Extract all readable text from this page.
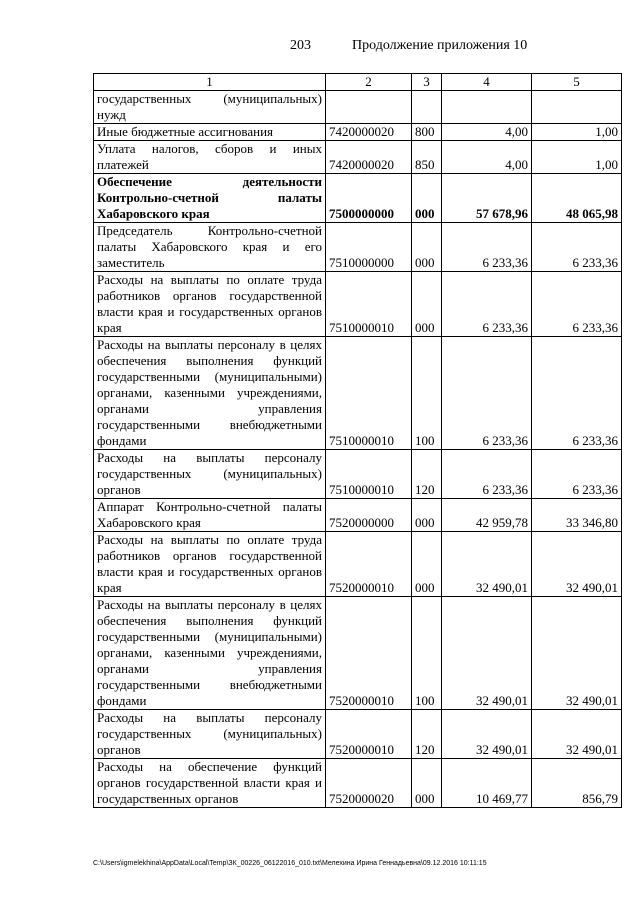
203	Продолжение приложения 10
1	2	3	4	5
государственных (муниципальных) нужд				
Иные бюджетные ассигнования	7420000020	800	4,00	1,00
Уплата налогов, сборов и иных платежей	7420000020	850	4,00	1,00
Обеспечение деятельности Контрольно-счетной палаты Хабаровского края	7500000000	000	57 678,96	48 065,98
Председатель Контрольно-счетной палаты Хабаровского края и его заместитель	7510000000	000	6 233,36	6 233,36
Расходы на выплаты по оплате труда работников органов государственной власти края и государственных органов края	7510000010	000	6 233,36	6 233,36
Расходы на выплаты персоналу в целях обеспечения выполнения функций государственными (муниципальными) органами, казенными учреждениями, органами управления государственными внебюджетными фондами	7510000010	100	6 233,36	6 233,36
Расходы на выплаты персоналу государственных (муниципальных) органов	7510000010	120	6 233,36	6 233,36
Аппарат Контрольно-счетной палаты Хабаровского края	7520000000	000	42 959,78	33 346,80
Расходы на выплаты по оплате труда работников органов государственной власти края и государственных органов края	7520000010	000	32 490,01	32 490,01
Расходы на выплаты персоналу в целях обеспечения выполнения функций государственными (муниципальными) органами, казенными учреждениями, органами управления государственными внебюджетными фондами	7520000010	100	32 490,01	32 490,01
Расходы на выплаты персоналу государственных (муниципальных) органов	7520000010	120	32 490,01	32 490,01
Расходы на обеспечение функций органов государственной власти края и государственных органов	7520000020	000	10 469,77	856,79
C:\Users\igmelekhina\AppData\Local\Temp\ЗК_00226_06122016_010.txt\Мелехина Ирина Геннадьевна\09.12.2016 10:11:15
